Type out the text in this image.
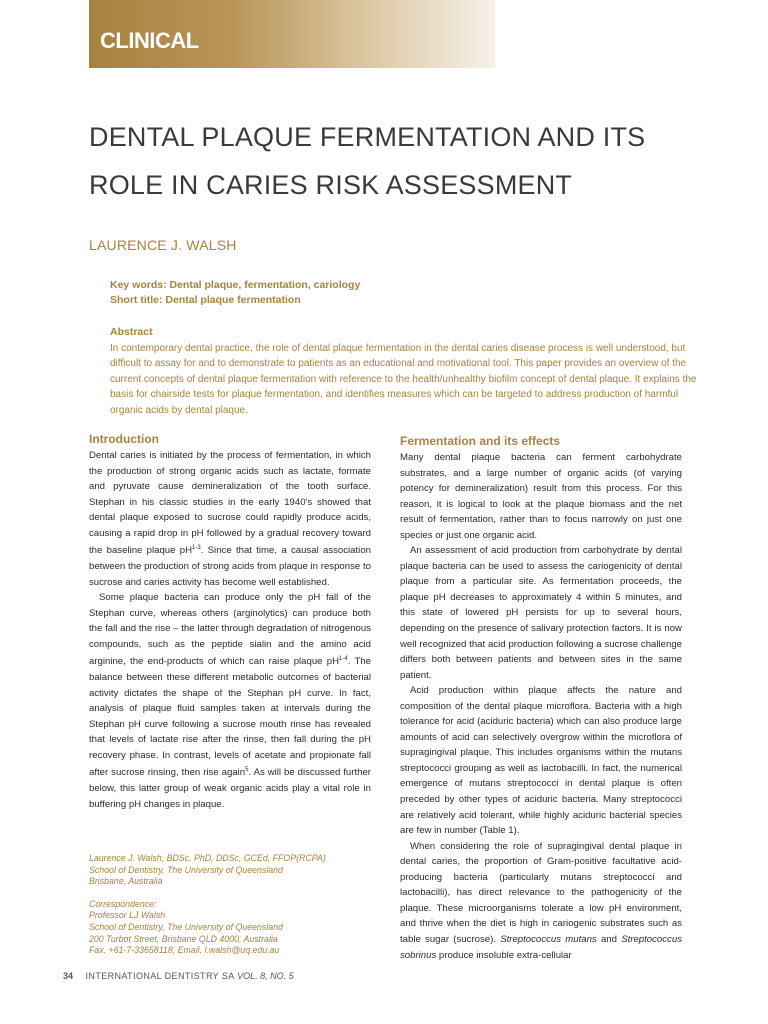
CLINICAL
DENTAL PLAQUE FERMENTATION AND ITS
ROLE IN CARIES RISK ASSESSMENT
LAURENCE J. WALSH
Key words: Dental plaque, fermentation, cariology
Short title: Dental plaque fermentation
Abstract
In contemporary dental practice, the role of dental plaque fermentation in the dental caries disease process is well understood, but difficult to assay for and to demonstrate to patients as an educational and motivational tool. This paper provides an overview of the current concepts of dental plaque fermentation with reference to the health/unhealthy biofilm concept of dental plaque. It explains the basis for chairside tests for plaque fermentation, and identifies measures which can be targeted to address production of harmful organic acids by dental plaque.
Introduction

Dental caries is initiated by the process of fermentation, in which the production of strong organic acids such as lactate, formate and pyruvate cause demineralization of the tooth surface. Stephan in his classic studies in the early 1940's showed that dental plaque exposed to sucrose could rapidly produce acids, causing a rapid drop in pH followed by a gradual recovery toward the baseline plaque $pH^{1-3}$. Since that time, a causal association between the production of strong acids from plaque in response to sucrose and caries activity has become well established.

Some plaque bacteria can produce only the pH fall of the Stephan curve, whereas others (arginolytics) can produce both the fall and the rise – the latter through degradation of nitrogenous compounds, such as the peptide sialin and the amino acid arginine, the end-products of which can raise plaque $pH^{1-4}$. The balance between these different metabolic outcomes of bacterial activity dictates the shape of the Stephan pH curve. In fact, analysis of plaque fluid samples taken at intervals during the Stephan pH curve following a sucrose mouth rinse has revealed that levels of lactate rise after the rinse, then fall during the pH recovery phase. In contrast, levels of acetate and propionate fall after sucrose rinsing, then rise again$^5$. As will be discussed further below, this latter group of weak organic acids play a vital role in buffering pH changes in plaque.

Laurence J. Walsh, BDSc, PhD, DDSc, GCEd, FFOP(RCPA)
School of Dentistry, The University of Queensland
Brisbane, Australia
Correspondence:
Professor LJ Walsh
School of Dentistry, The University of Queensland
200 Turbot Street, Brisbane QLD 4000, Australia
Fax. +61-7-33658118, Email. l.walsh@uq.edu.au
Fermentation and its effects

Many dental plaque bacteria can ferment carbohydrate substrates, and a large number of organic acids (of varying potency for demineralization) result from this process. For this reason, it is logical to look at the plaque biomass and the net result of fermentation, rather than to focus narrowly on just one species or just one organic acid.

An assessment of acid production from carbohydrate by dental plaque bacteria can be used to assess the cariogenicity of dental plaque from a particular site. As fermentation proceeds, the plaque pH decreases to approximately 4 within 5 minutes, and this state of lowered pH persists for up to several hours, depending on the presence of salivary protection factors. It is now well recognized that acid production following a sucrose challenge differs both between patients and between sites in the same patient.

Acid production within plaque affects the nature and composition of the dental plaque microflora. Bacteria with a high tolerance for acid (aciduric bacteria) which can also produce large amounts of acid can selectively overgrow within the microflora of supragingival plaque. This includes organisms within the mutans streptococci grouping as well as lactobacilli. In fact, the numerical emergence of mutans streptococci in dental plaque is often preceded by other types of aciduric bacteria. Many streptococci are relatively acid tolerant, while highly aciduric bacterial species are few in number (Table 1).

When considering the role of supragingival dental plaque in dental caries, the proportion of Gram-positive facultative acid-producing bacteria (particularly mutans streptococci and lactobacilli), has direct relevance to the pathogenicity of the plaque. These microorganisms tolerate a low pH environment, and thrive when the diet is high in cariogenic substrates such as table sugar (sucrose). Streptococcus mutans and Streptococcus sobrinus produce insoluble extra-cellular

34 INTERNATIONAL DENTISTRY SA VOL. 8, NO. 5
